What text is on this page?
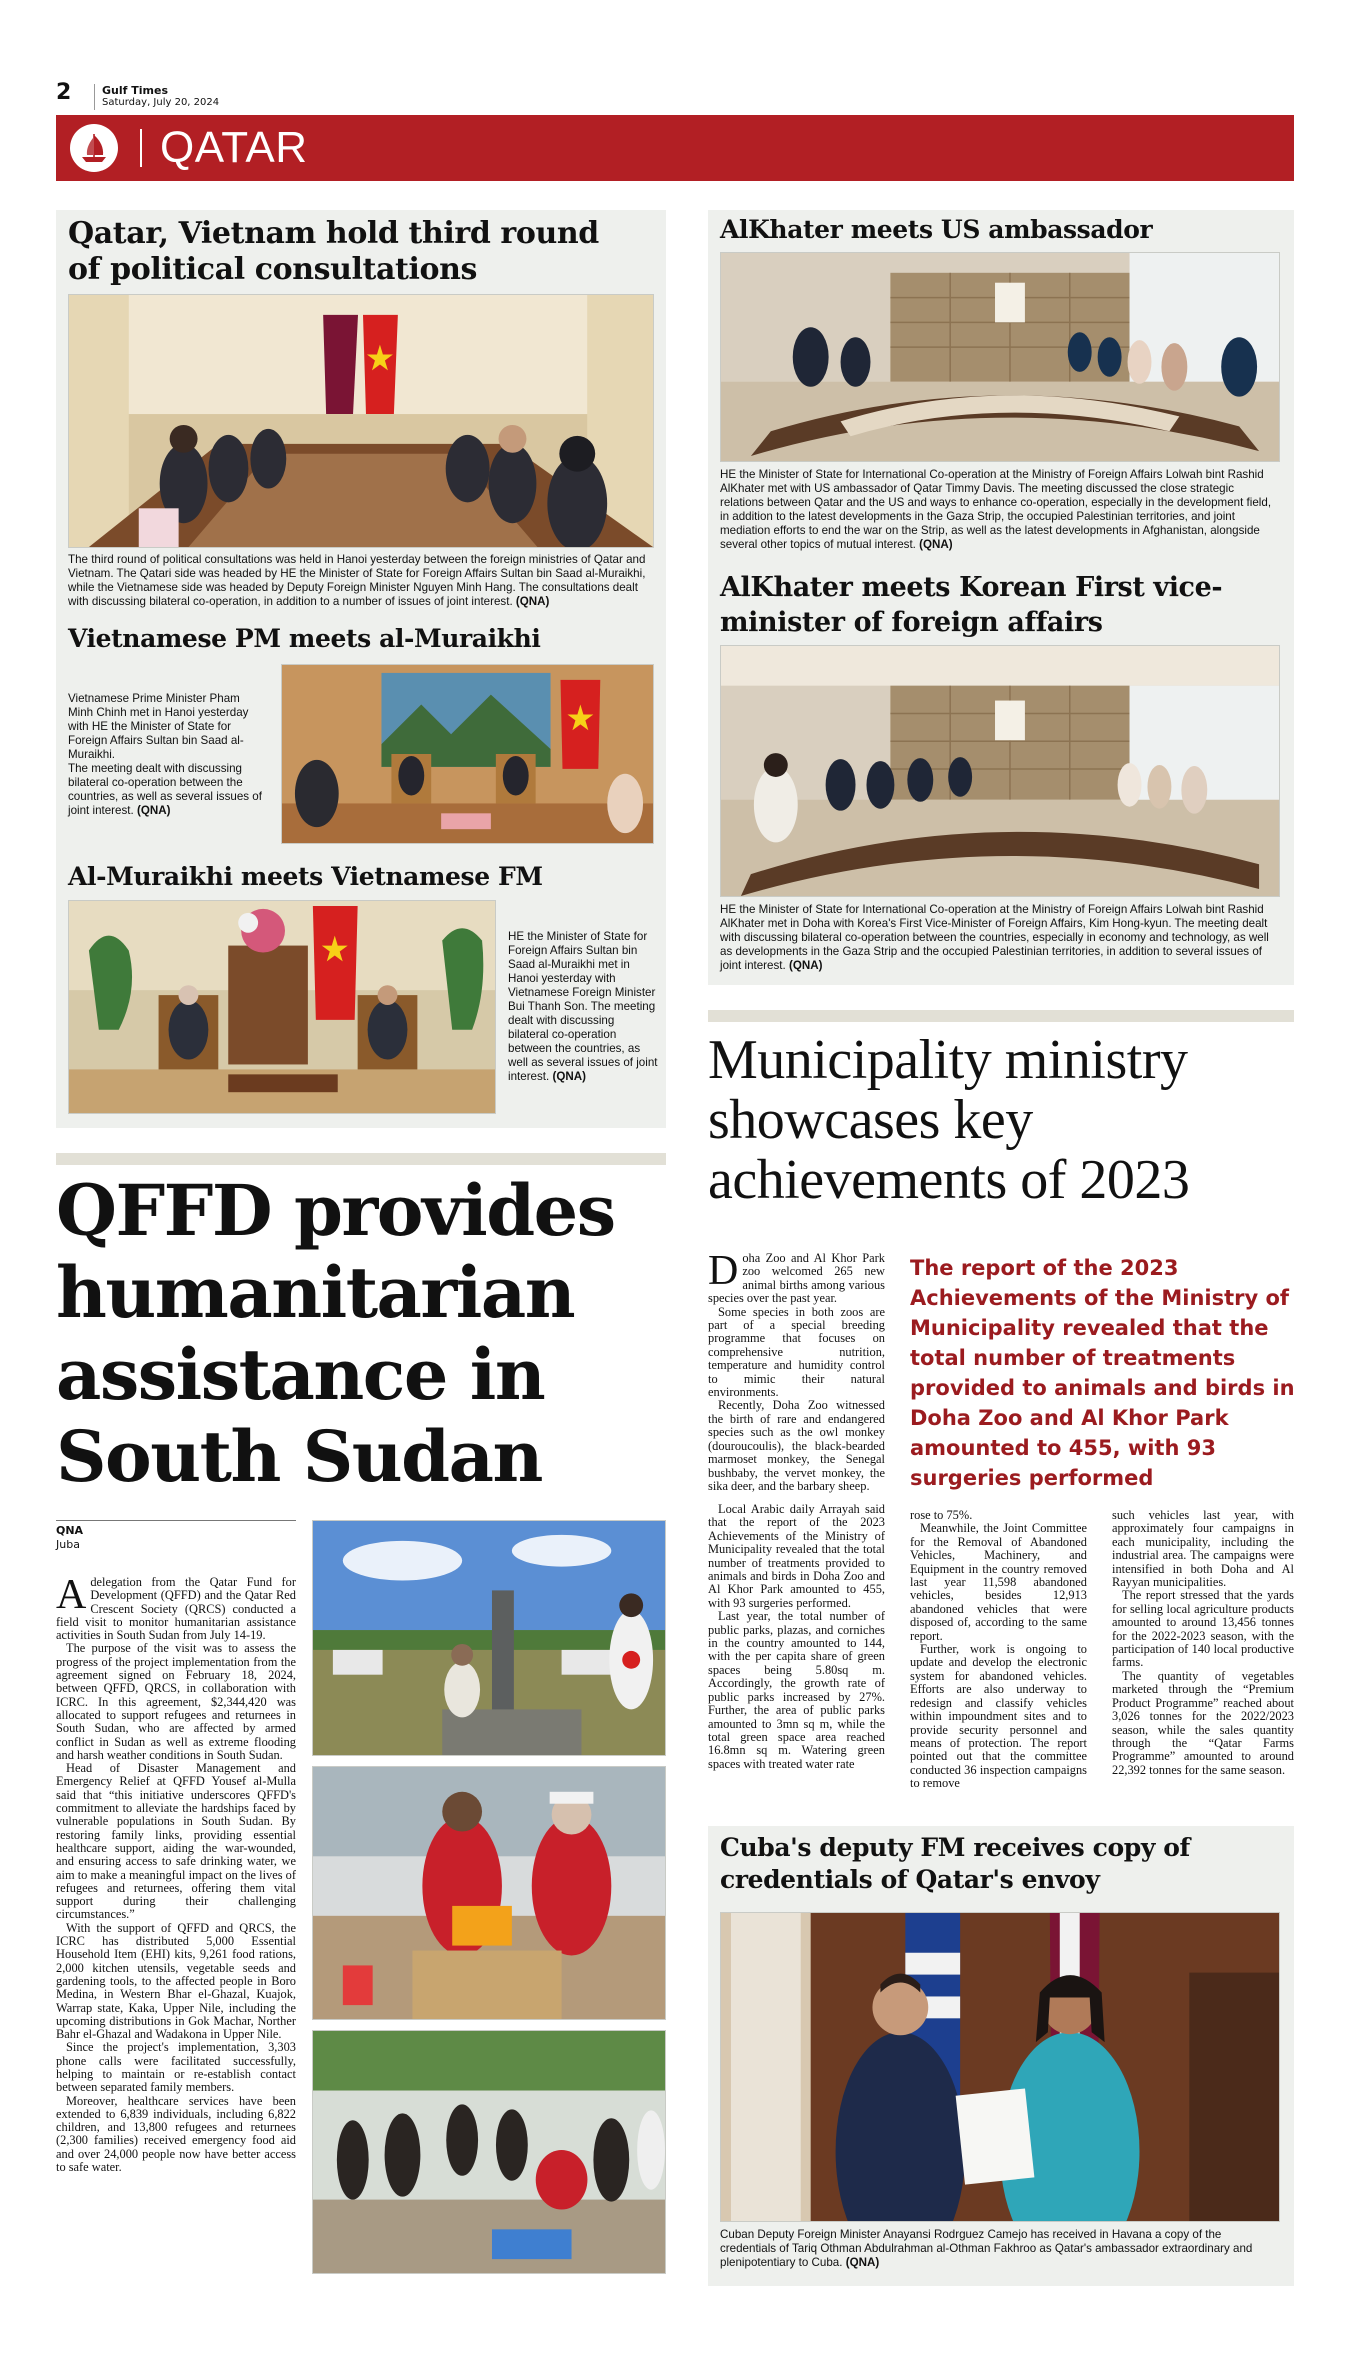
2	Gulf Times
Saturday, July 20, 2024
QATAR
Qatar, Vietnam hold third round of political consultations
The third round of political consultations was held in Hanoi yesterday between the foreign ministries of Qatar and Vietnam. The Qatari side was headed by HE the Minister of State for Foreign Affairs Sultan bin Saad al-Muraikhi, while the Vietnamese side was headed by Deputy Foreign Minister Nguyen Minh Hang. The consultations dealt with discussing bilateral co-operation, in addition to a number of issues of joint interest. (QNA)
Vietnamese PM meets al-Muraikhi
Vietnamese Prime Minister Pham Minh Chinh met in Hanoi yesterday with HE the Minister of State for Foreign Affairs Sultan bin Saad al-Muraikhi.
The meeting dealt with discussing bilateral co-operation between the countries, as well as several issues of joint interest. (QNA)
Al-Muraikhi meets Vietnamese FM
HE the Minister of State for Foreign Affairs Sultan bin Saad al-Muraikhi met in Hanoi yesterday with Vietnamese Foreign Minister Bui Thanh Son. The meeting dealt with discussing bilateral co-operation between the countries, as well as several issues of joint interest. (QNA)
AlKhater meets US ambassador
HE the Minister of State for International Co-operation at the Ministry of Foreign Affairs Lolwah bint Rashid AlKhater met with US ambassador of Qatar Timmy Davis. The meeting discussed the close strategic relations between Qatar and the US and ways to enhance co-operation, especially in the development field, in addition to the latest developments in the Gaza Strip, the occupied Palestinian territories, and joint mediation efforts to end the war on the Strip, as well as the latest developments in Afghanistan, alongside several other topics of mutual interest. (QNA)
AlKhater meets Korean First vice-minister of foreign affairs
HE the Minister of State for International Co-operation at the Ministry of Foreign Affairs Lolwah bint Rashid AlKhater met in Doha with Korea's First Vice-Minister of Foreign Affairs, Kim Hong-kyun. The meeting dealt with discussing bilateral co-operation between the countries, especially in economy and technology, as well as developments in the Gaza Strip and the occupied Palestinian territories, in addition to several issues of joint interest. (QNA)
Municipality ministry showcases key achievements of 2023

Doha Zoo and Al Khor Park zoo welcomed 265 new animal births among various species over the past year.

Some species in both zoos are part of a special breeding programme that focuses on comprehensive nutrition, temperature and humidity control to mimic their natural environments.

Recently, Doha Zoo witnessed the birth of rare and endangered species such as the owl monkey (douroucoulis), the black-bearded marmoset monkey, the Senegal bushbaby, the vervet monkey, the sika deer, and the barbary sheep.

The report of the 2023 Achievements of the Ministry of Municipality revealed that the total number of treatments provided to animals and birds in Doha Zoo and Al Khor Park amounted to 455, with 93 surgeries performed

Local Arabic daily Arrayah said that the report of the 2023 Achievements of the Ministry of Municipality revealed that the total number of treatments provided to animals and birds in Doha Zoo and Al Khor Park amounted to 455, with 93 surgeries performed.

Last year, the total number of public parks, plazas, and corniches in the country amounted to 144, with the per capita share of green spaces being 5.80sq m. Accordingly, the growth rate of public parks increased by 27%. Further, the area of public parks amounted to 3mn sq m, while the total green space area reached 16.8mn sq m. Watering green spaces with treated water rate

rose to 75%.

Meanwhile, the Joint Committee for the Removal of Abandoned Vehicles, Machinery, and Equipment in the country removed last year 11,598 abandoned vehicles, besides 12,913 abandoned vehicles that were disposed of, according to the same report.

Further, work is ongoing to update and develop the electronic system for abandoned vehicles. Efforts are also underway to redesign and classify vehicles within impoundment sites and to provide security personnel and means of protection. The report pointed out that the committee conducted 36 inspection campaigns to remove

such vehicles last year, with approximately four campaigns in each municipality, including the industrial area. The campaigns were intensified in both Doha and Al Rayyan municipalities.

The report stressed that the yards for selling local agriculture products amounted to around 13,456 tonnes for the 2022-2023 season, with the participation of 140 local productive farms.

The quantity of vegetables marketed through the “Premium Product Programme” reached about 3,026 tonnes for the 2022/2023 season, while the sales quantity through the “Qatar Farms Programme” amounted to around 22,392 tonnes for the same season.

QFFD provides humanitarian assistance in South Sudan
QNA
Juba

A delegation from the Qatar Fund for Development (QFFD) and the Qatar Red Crescent Society (QRCS) conducted a field visit to monitor humanitarian assistance activities in South Sudan from July 14-19.

The purpose of the visit was to assess the progress of the project implementation from the agreement signed on February 18, 2024, between QFFD, QRCS, in collaboration with ICRC. In this agreement, $2,344,420 was allocated to support refugees and returnees in South Sudan, who are affected by armed conflict in Sudan as well as extreme flooding and harsh weather conditions in South Sudan.

Head of Disaster Management and Emergency Relief at QFFD Yousef al-Mulla said that “this initiative underscores QFFD's commitment to alleviate the hardships faced by vulnerable populations in South Sudan. By restoring family links, providing essential healthcare support, aiding the war-wounded, and ensuring access to safe drinking water, we aim to make a meaningful impact on the lives of refugees and returnees, offering them vital support during their challenging circumstances.”

With the support of QFFD and QRCS, the ICRC has distributed 5,000 Essential Household Item (EHI) kits, 9,261 food rations, 2,000 kitchen utensils, vegetable seeds and gardening tools, to the affected people in Boro Medina, in Western Bhar el-Ghazal, Kuajok, Warrap state, Kaka, Upper Nile, including the upcoming distributions in Gok Machar, Norther Bahr el-Ghazal and Wadakona in Upper Nile.

Since the project's implementation, 3,303 phone calls were facilitated successfully, helping to maintain or re-establish contact between separated family members.

Moreover, healthcare services have been extended to 6,839 individuals, including 6,822 children, and 13,800 refugees and returnees (2,300 families) received emergency food aid and over 24,000 people now have better access to safe water.

Cuba's deputy FM receives copy of credentials of Qatar's envoy
Cuban Deputy Foreign Minister Anayansi Rodrguez Camejo has received in Havana a copy of the credentials of Tariq Othman Abdulrahman al-Othman Fakhroo as Qatar's ambassador extraordinary and plenipotentiary to Cuba. (QNA)
